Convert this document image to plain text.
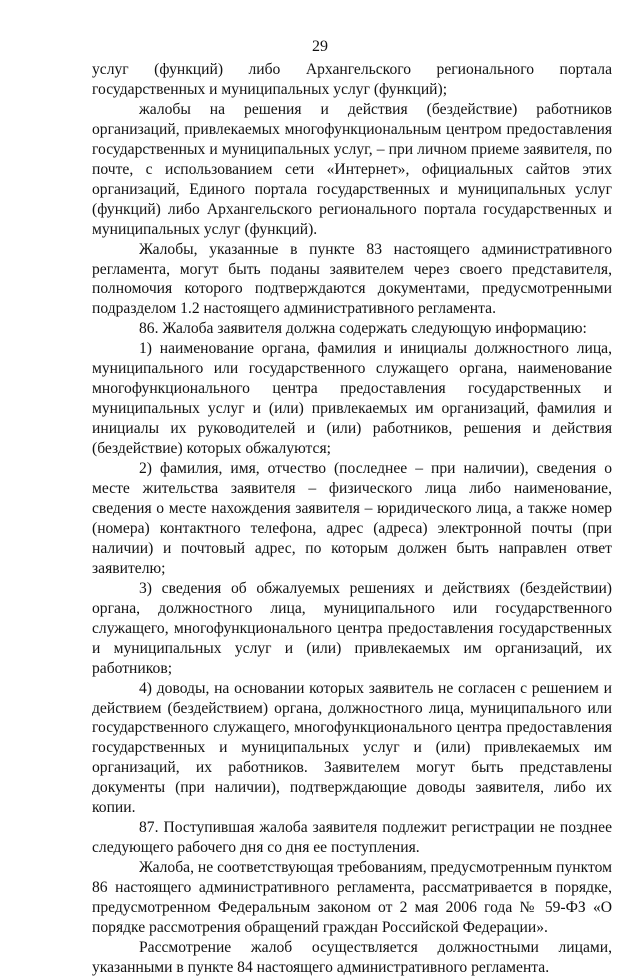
29

услуг (функций) либо Архангельского регионального портала государственных и муниципальных услуг (функций);

жалобы на решения и действия (бездействие) работников организаций, привлекаемых многофункциональным центром предоставления государственных и муниципальных услуг, – при личном приеме заявителя, по почте, с использованием сети «Интернет», официальных сайтов этих организаций, Единого портала государственных и муниципальных услуг (функций) либо Архангельского регионального портала государственных и муниципальных услуг (функций).

Жалобы, указанные в пункте 83 настоящего административного регламента, могут быть поданы заявителем через своего представителя, полномочия которого подтверждаются документами, предусмотренными подразделом 1.2 настоящего административного регламента.

86. Жалоба заявителя должна содержать следующую информацию:

1) наименование органа, фамилия и инициалы должностного лица, муниципального или государственного служащего органа, наименование многофункционального центра предоставления государственных и муниципальных услуг и (или) привлекаемых им организаций, фамилия и инициалы их руководителей и (или) работников, решения и действия (бездействие) которых обжалуются;

2) фамилия, имя, отчество (последнее – при наличии), сведения о месте жительства заявителя – физического лица либо наименование, сведения о месте нахождения заявителя – юридического лица, а также номер (номера) контактного телефона, адрес (адреса) электронной почты (при наличии) и почтовый адрес, по которым должен быть направлен ответ заявителю;

3) сведения об обжалуемых решениях и действиях (бездействии) органа, должностного лица, муниципального или государственного служащего, многофункционального центра предоставления государственных и муниципальных услуг и (или) привлекаемых им организаций, их работников;

4) доводы, на основании которых заявитель не согласен с решением и действием (бездействием) органа, должностного лица, муниципального или государственного служащего, многофункционального центра предоставления государственных и муниципальных услуг и (или) привлекаемых им организаций, их работников. Заявителем могут быть представлены документы (при наличии), подтверждающие доводы заявителя, либо их копии.

87. Поступившая жалоба заявителя подлежит регистрации не позднее следующего рабочего дня со дня ее поступления.

Жалоба, не соответствующая требованиям, предусмотренным пунктом 86 настоящего административного регламента, рассматривается в порядке, предусмотренном Федеральным законом от 2 мая 2006 года № 59-ФЗ «О порядке рассмотрения обращений граждан Российской Федерации».

Рассмотрение жалоб осуществляется должностными лицами, указанными в пункте 84 настоящего административного регламента.
